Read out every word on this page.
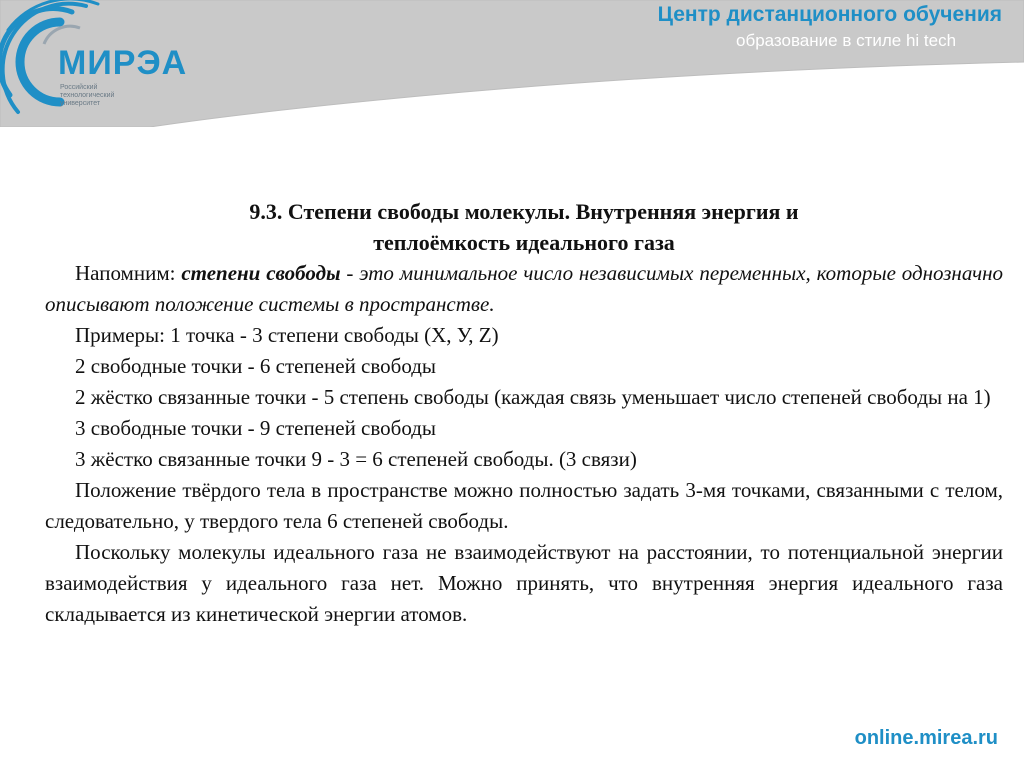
МИРЭА
Российский технологический университет
Центр дистанционного обучения
образование в стиле hi tech

9.3. Степени свободы молекулы. Внутренняя энергия и
теплоёмкость идеального газа

Напомним: степени свободы - это минимальное число независимых переменных, которые однозначно описывают положение системы в пространстве.

Примеры: 1 точка - 3 степени свободы (X, У, Z)

2 свободные точки - 6 степеней свободы

2 жёстко связанные точки - 5 степень свободы (каждая связь уменьшает число степеней свободы на 1)

3 свободные точки - 9 степеней свободы

3 жёстко связанные точки 9 - 3 = 6 степеней свободы. (3 связи)

Положение твёрдого тела в пространстве можно полностью задать 3-мя точками, связанными с телом, следовательно, у твердого тела 6 степеней свободы.

Поскольку молекулы идеального газа не взаимодействуют на расстоянии, то потенциальной энергии взаимодействия у идеального газа нет. Можно принять, что внутренняя энергия идеального газа складывается из кинетической энергии атомов.

online.mirea.ru
